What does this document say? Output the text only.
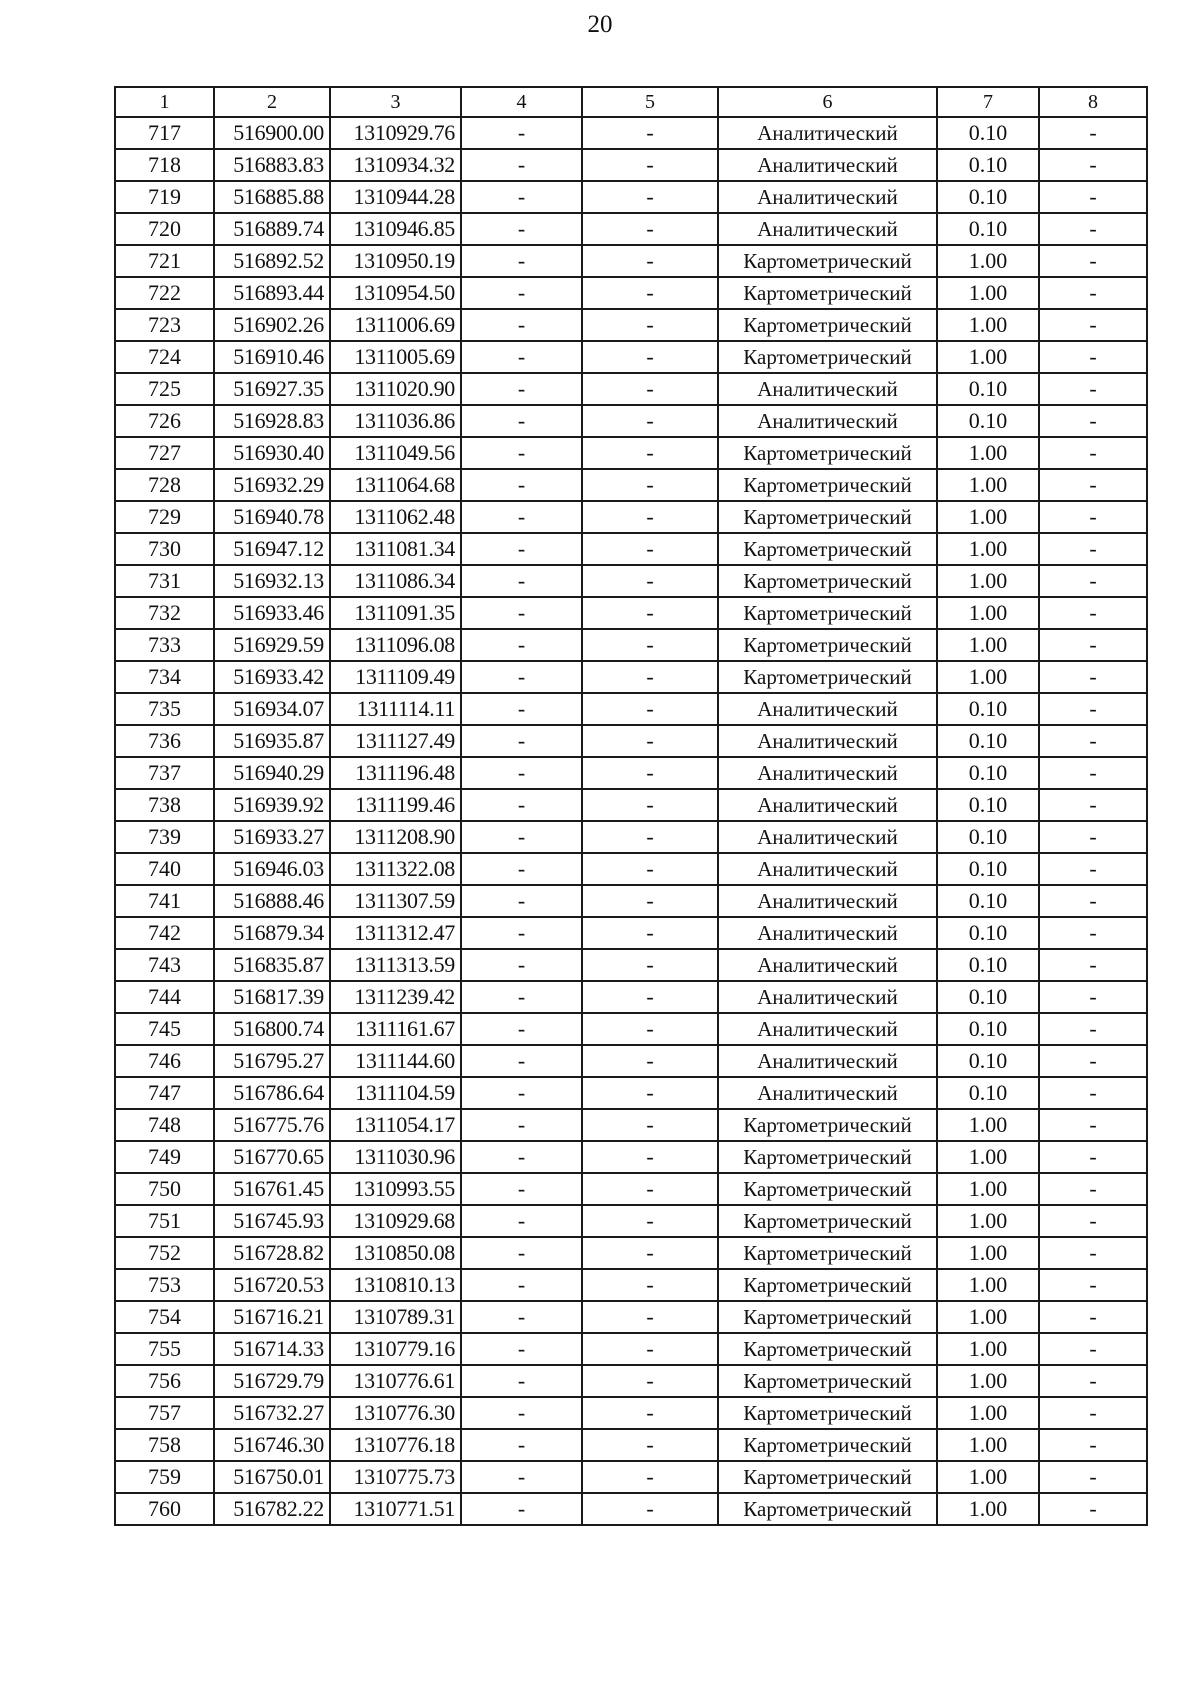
20
1	2	3	4	5	6	7	8
717	516900.00	1310929.76	-	-	Аналитический	0.10	-
718	516883.83	1310934.32	-	-	Аналитический	0.10	-
719	516885.88	1310944.28	-	-	Аналитический	0.10	-
720	516889.74	1310946.85	-	-	Аналитический	0.10	-
721	516892.52	1310950.19	-	-	Картометрический	1.00	-
722	516893.44	1310954.50	-	-	Картометрический	1.00	-
723	516902.26	1311006.69	-	-	Картометрический	1.00	-
724	516910.46	1311005.69	-	-	Картометрический	1.00	-
725	516927.35	1311020.90	-	-	Аналитический	0.10	-
726	516928.83	1311036.86	-	-	Аналитический	0.10	-
727	516930.40	1311049.56	-	-	Картометрический	1.00	-
728	516932.29	1311064.68	-	-	Картометрический	1.00	-
729	516940.78	1311062.48	-	-	Картометрический	1.00	-
730	516947.12	1311081.34	-	-	Картометрический	1.00	-
731	516932.13	1311086.34	-	-	Картометрический	1.00	-
732	516933.46	1311091.35	-	-	Картометрический	1.00	-
733	516929.59	1311096.08	-	-	Картометрический	1.00	-
734	516933.42	1311109.49	-	-	Картометрический	1.00	-
735	516934.07	1311114.11	-	-	Аналитический	0.10	-
736	516935.87	1311127.49	-	-	Аналитический	0.10	-
737	516940.29	1311196.48	-	-	Аналитический	0.10	-
738	516939.92	1311199.46	-	-	Аналитический	0.10	-
739	516933.27	1311208.90	-	-	Аналитический	0.10	-
740	516946.03	1311322.08	-	-	Аналитический	0.10	-
741	516888.46	1311307.59	-	-	Аналитический	0.10	-
742	516879.34	1311312.47	-	-	Аналитический	0.10	-
743	516835.87	1311313.59	-	-	Аналитический	0.10	-
744	516817.39	1311239.42	-	-	Аналитический	0.10	-
745	516800.74	1311161.67	-	-	Аналитический	0.10	-
746	516795.27	1311144.60	-	-	Аналитический	0.10	-
747	516786.64	1311104.59	-	-	Аналитический	0.10	-
748	516775.76	1311054.17	-	-	Картометрический	1.00	-
749	516770.65	1311030.96	-	-	Картометрический	1.00	-
750	516761.45	1310993.55	-	-	Картометрический	1.00	-
751	516745.93	1310929.68	-	-	Картометрический	1.00	-
752	516728.82	1310850.08	-	-	Картометрический	1.00	-
753	516720.53	1310810.13	-	-	Картометрический	1.00	-
754	516716.21	1310789.31	-	-	Картометрический	1.00	-
755	516714.33	1310779.16	-	-	Картометрический	1.00	-
756	516729.79	1310776.61	-	-	Картометрический	1.00	-
757	516732.27	1310776.30	-	-	Картометрический	1.00	-
758	516746.30	1310776.18	-	-	Картометрический	1.00	-
759	516750.01	1310775.73	-	-	Картометрический	1.00	-
760	516782.22	1310771.51	-	-	Картометрический	1.00	-
